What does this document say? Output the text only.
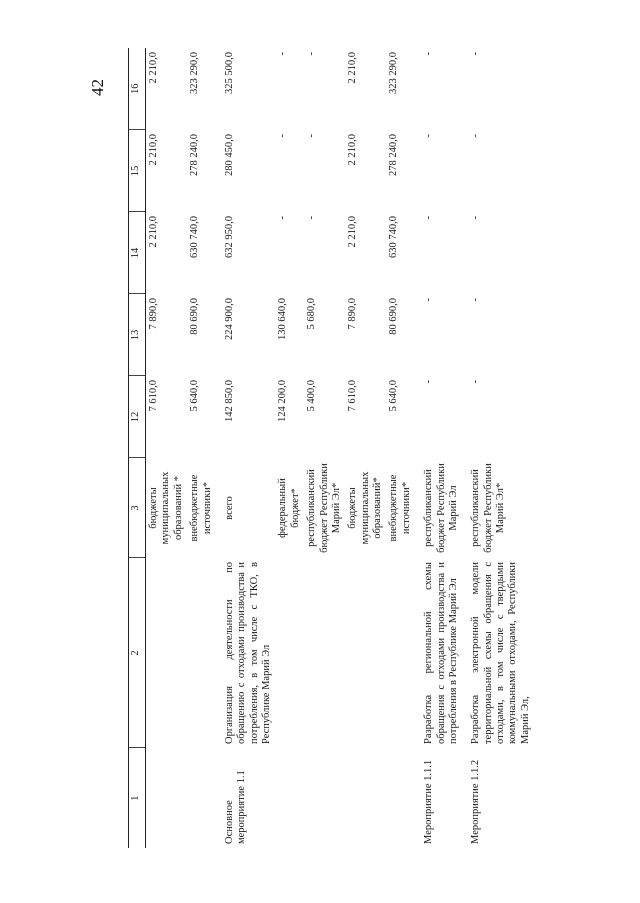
42
1	2	3	12	13	14	15	16
		бюджеты муниципальных образований *	7 610,0	7 890,0	2 210,0	2 210,0	2 210,0
		внебюджетные источники*	5 640,0	80 690,0	630 740,0	278 240,0	323 290,0

Основное мероприятие 1.1	Организация деятельности по обращению с отходами производства и потребления, в том числе с ТКО, в Республике Марий Эл	всего	142 850,0	224 900,0	632 950,0	280 450,0	325 500,0
		федеральный бюджет*	124 200,0	130 640,0	-	-	-
		республиканский бюджет Республики Марий Эл*	5 400,0	5 680,0	-	-	-
		бюджеты муниципальных образований*	7 610,0	7 890,0	2 210,0	2 210,0	2 210,0
		внебюджетные источники*	5 640,0	80 690,0	630 740,0	278 240,0	323 290,0

Мероприятие 1.1.1	Разработка региональной схемы обращения с отходами производства и потребления в Республике Марий Эл	республиканский бюджет Республики Марий Эл	-	-	-	-	-

Мероприятие 1.1.2	Разработка электронной модели территориальной схемы обращения с отходами, в том числе с твердыми коммунальными отходами, Республики Марий Эл,	республиканский бюджет Республики Марий Эл*	-	-	-	-	-
